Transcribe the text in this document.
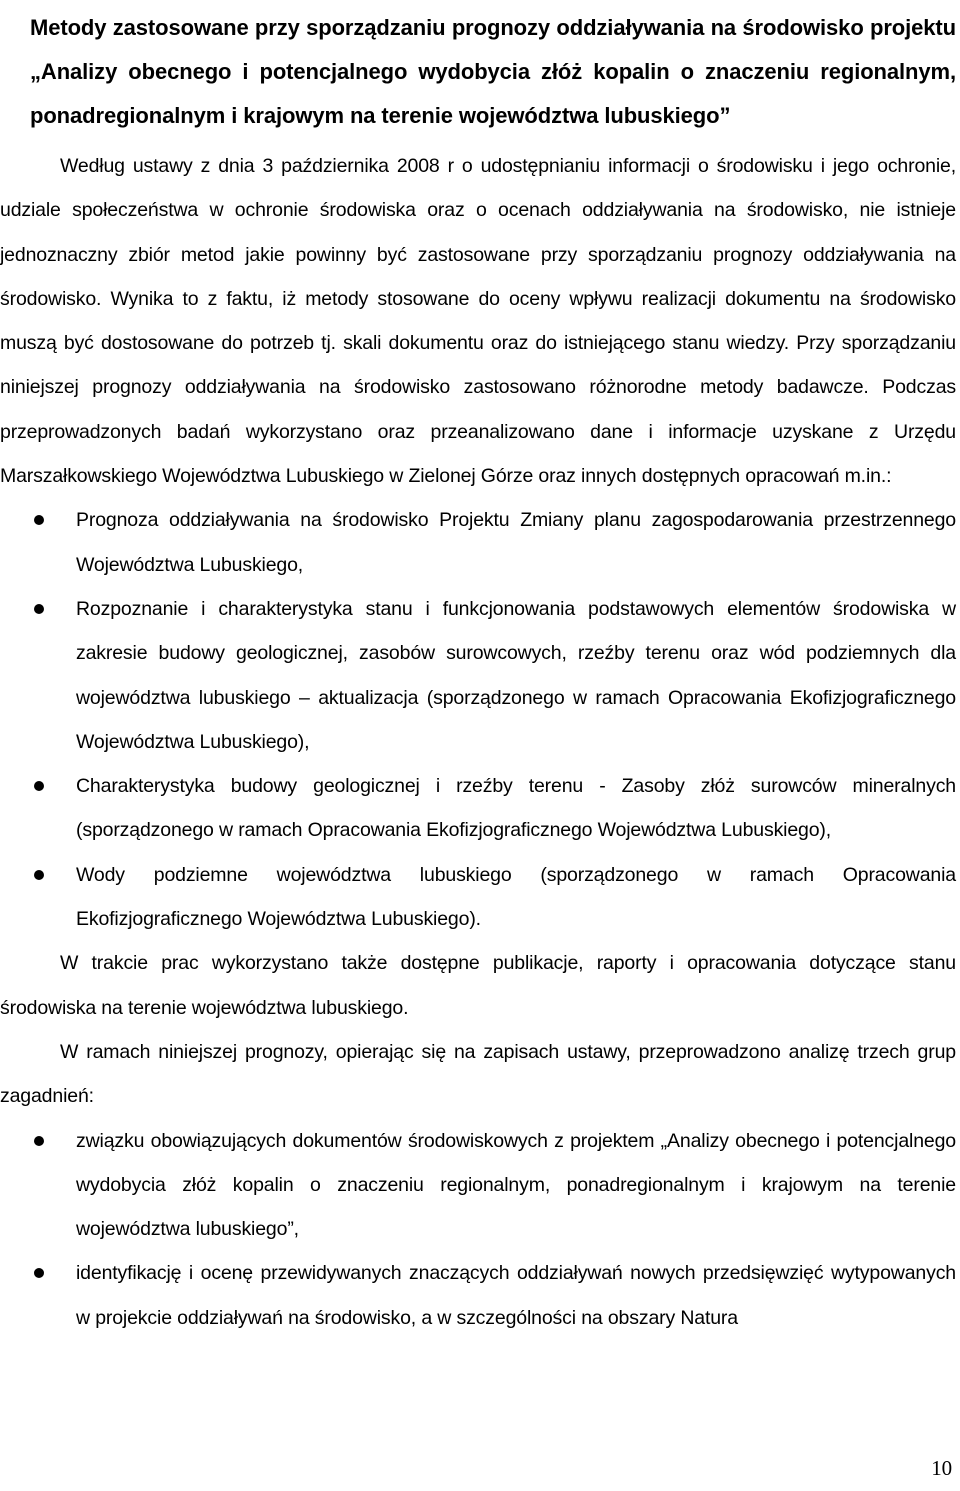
Metody zastosowane przy sporządzaniu prognozy oddziaływania na środowisko projektu „Analizy obecnego i potencjalnego wydobycia złóż kopalin o znaczeniu regionalnym, ponadregionalnym i krajowym na terenie województwa lubuskiego”

Według ustawy z dnia 3 października 2008 r o udostępnianiu informacji o środowisku i jego ochronie, udziale społeczeństwa w ochronie środowiska oraz o ocenach oddziaływania na środowisko, nie istnieje jednoznaczny zbiór metod jakie powinny być zastosowane przy sporządzaniu prognozy oddziaływania na środowisko. Wynika to z faktu, iż metody stosowane do oceny wpływu realizacji dokumentu na środowisko muszą być dostosowane do potrzeb tj. skali dokumentu oraz do istniejącego stanu wiedzy. Przy sporządzaniu niniejszej prognozy oddziaływania na środowisko zastosowano różnorodne metody badawcze. Podczas przeprowadzonych badań wykorzystano oraz przeanalizowano dane i informacje uzyskane z Urzędu Marszałkowskiego Województwa Lubuskiego w Zielonej Górze oraz innych dostępnych opracowań m.in.:

Prognoza oddziaływania na środowisko Projektu Zmiany planu zagospodarowania przestrzennego Województwa Lubuskiego,
Rozpoznanie i charakterystyka stanu i funkcjonowania podstawowych elementów środowiska w zakresie budowy geologicznej, zasobów surowcowych, rzeźby terenu oraz wód podziemnych dla województwa lubuskiego – aktualizacja (sporządzonego w ramach Opracowania Ekofizjograficznego Województwa Lubuskiego),
Charakterystyka budowy geologicznej i rzeźby terenu - Zasoby złóż surowców mineralnych (sporządzonego w ramach Opracowania Ekofizjograficznego Województwa Lubuskiego),
Wody podziemne województwa lubuskiego (sporządzonego w ramach Opracowania Ekofizjograficznego Województwa Lubuskiego).

W trakcie prac wykorzystano także dostępne publikacje, raporty i opracowania dotyczące stanu środowiska na terenie województwa lubuskiego.

W ramach niniejszej prognozy, opierając się na zapisach ustawy, przeprowadzono analizę trzech grup zagadnień:

związku obowiązujących dokumentów środowiskowych z projektem „Analizy obecnego i potencjalnego wydobycia złóż kopalin o znaczeniu regionalnym, ponadregionalnym i krajowym na terenie województwa lubuskiego”,
identyfikację i ocenę przewidywanych znaczących oddziaływań nowych przedsięwzięć wytypowanych w projekcie oddziaływań na środowisko, a w szczególności na obszary Natura
10
